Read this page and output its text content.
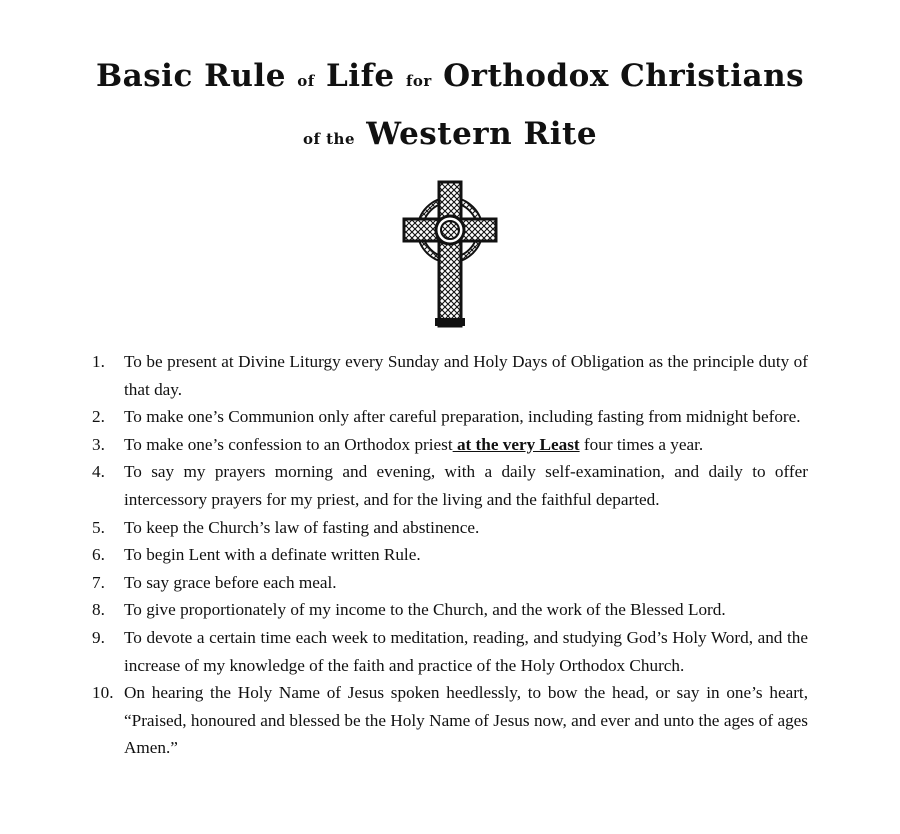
Basic Rule of Life for Orthodox Christians
of the Western Rite
1.	To be present at Divine Liturgy every Sunday and Holy Days of Obligation as the principle duty of that day.
2.	To make one’s Communion only after careful preparation, including fasting from midnight before.
3.	To make one’s confession to an Orthodox priest at the very Least four times a year.
4.	To say my prayers morning and evening, with a daily self-examination, and daily to offer intercessory prayers for my priest, and for the living and the faithful departed.
5.	To keep the Church’s law of fasting and abstinence.
6.	To begin Lent with a definate written Rule.
7.	To say grace before each meal.
8.	To give proportionately of my income to the Church, and the work of the Blessed Lord.
9.	To devote a certain time each week to meditation, reading, and studying God’s Holy Word, and the increase of my knowledge of the faith and practice of the Holy Orthodox Church.
10. On hearing the Holy Name of Jesus spoken heedlessly, to bow the head, or say in one’s heart, “Praised, honoured and blessed be the Holy Name of Jesus now, and ever and unto the ages of ages Amen.”
